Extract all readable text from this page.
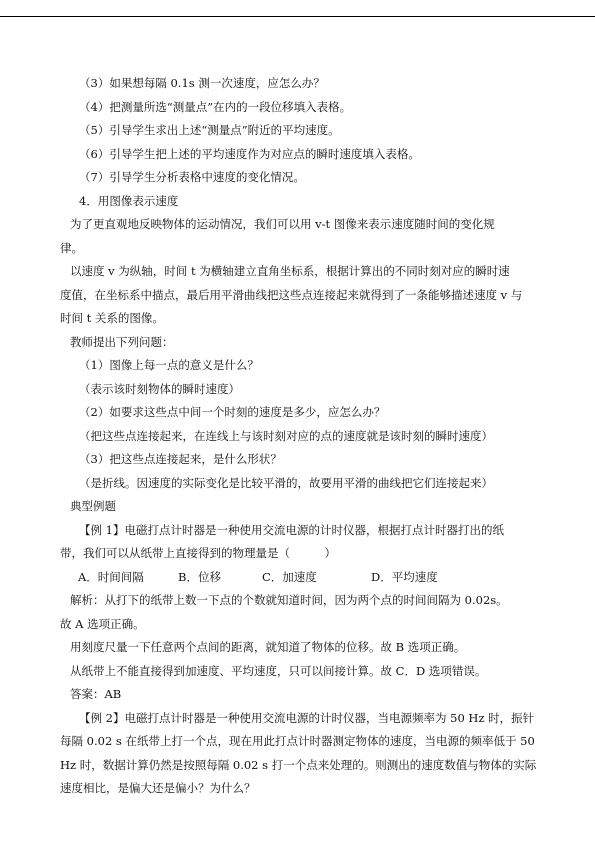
（3）如果想每隔 0.1s 测一次速度，应怎么办？
（4）把测量所选“测量点”在内的一段位移填入表格。
（5）引导学生求出上述“测量点”附近的平均速度。
（6）引导学生把上述的平均速度作为对应点的瞬时速度填入表格。
（7）引导学生分析表格中速度的变化情况。
4．用图像表示速度
为了更直观地反映物体的运动情况，我们可以用 v-t 图像来表示速度随时间的变化规
律。
以速度 v 为纵轴，时间 t 为横轴建立直角坐标系，根据计算出的不同时刻对应的瞬时速
度值，在坐标系中描点，最后用平滑曲线把这些点连接起来就得到了一条能够描述速度 v 与
时间 t 关系的图像。
教师提出下列问题：
（1）图像上每一点的意义是什么？
（表示该时刻物体的瞬时速度）
（2）如要求这些点中间一个时刻的速度是多少，应怎么办？
（把这些点连接起来，在连线上与该时刻对应的点的速度就是该时刻的瞬时速度）
（3）把这些点连接起来，是什么形状？
（是折线。因速度的实际变化是比较平滑的，故要用平滑的曲线把它们连接起来）
典型例题
【例 1】电磁打点计时器是一种使用交流电源的计时仪器，根据打点计时器打出的纸
带，我们可以从纸带上直接得到的物理量是（　　　）
A．时间间隔	B．位移	C．加速度	D．平均速度
解析：从打下的纸带上数一下点的个数就知道时间，因为两个点的时间间隔为 0.02s。
故 A 选项正确。
用刻度尺量一下任意两个点间的距离，就知道了物体的位移。故 B 选项正确。
从纸带上不能直接得到加速度、平均速度，只可以间接计算。故 C．D 选项错误。
答案：AB
【例 2】电磁打点计时器是一种使用交流电源的计时仪器，当电源频率为 50 Hz 时，振针
每隔 0.02 s 在纸带上打一个点，现在用此打点计时器测定物体的速度，当电源的频率低于 50
Hz 时，数据计算仍然是按照每隔 0.02 s 打一个点来处理的。则测出的速度数值与物体的实际
速度相比，是偏大还是偏小？为什么？
